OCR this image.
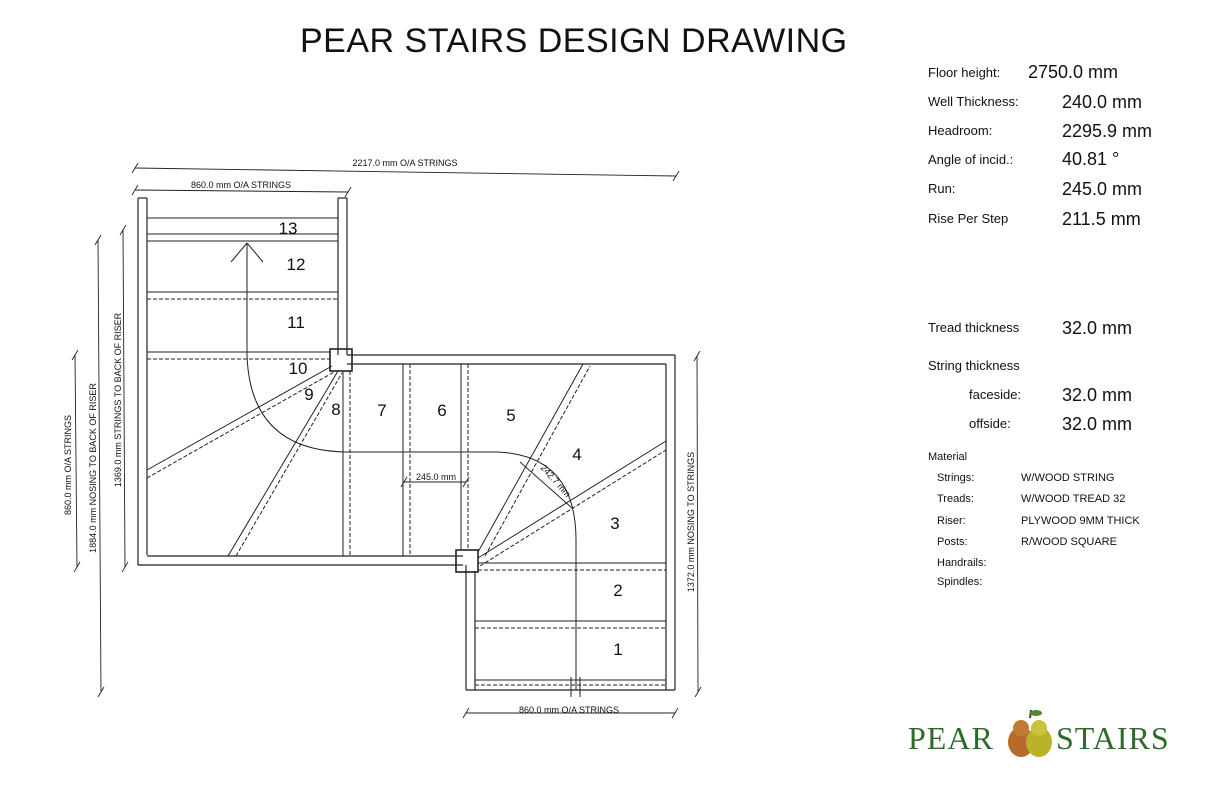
PEAR STAIRS DESIGN DRAWING
2217.0 mm O/A STRINGS
860.0 mm O/A STRINGS
860.0 mm O/A STRINGS
245.0 mm	242.7 mm
860.0 mm O/A STRINGS 1884.0 mm NOSING TO BACK OF RISER 1369.0 mm STRINGS TO BACK OF RISER
1372.0 mm NOSING TO STRINGS
1
2
3
4
5
6
7
8
9
10
11
12
13
Floor height: 2750.0 mm
Well Thickness: 240.0 mm
Headroom:	2295.9 mm
Angle of incid.:	40.81 °
Run:	245.0 mm
Rise Per Step	211.5 mm
Tread thickness 32.0 mm
String thickness
faceside: 32.0 mm
offside:	32.0 mm
Material
Strings:	W/WOOD STRING
Treads:	W/WOOD TREAD 32
Riser:	PLYWOOD 9MM THICK
Posts:	R/WOOD SQUARE
Handrails:
Spindles:
PEAR STAIRS
